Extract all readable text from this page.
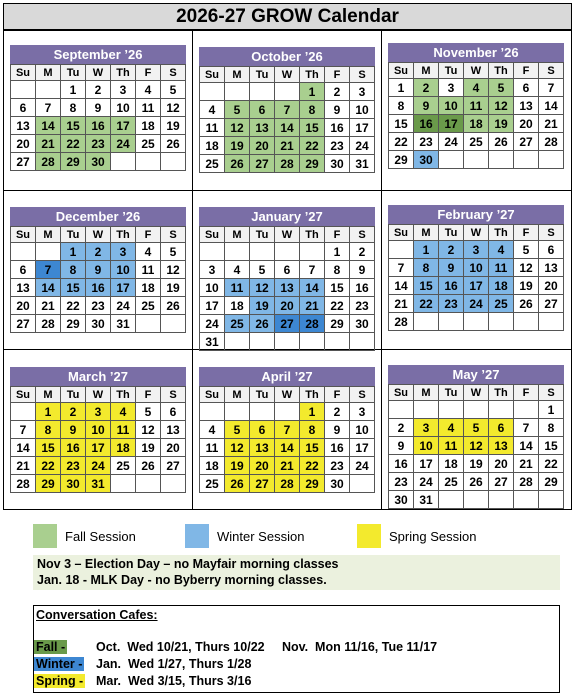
2026-27 GROW Calendar
September ’26
Su	M	Tu	W	Th	F	S
		1	2	3	4	5
6	7	8	9	10	11	12
13	14	15	16	17	18	19
20	21	22	23	24	25	26
27	28	29	30			
October ’26
Su	M	Tu	W	Th	F	S
				1	2	3
4	5	6	7	8	9	10
11	12	13	14	15	16	17
18	19	20	21	22	23	24
25	26	27	28	29	30	31
November ’26
Su	M	Tu	W	Th	F	S
1	2	3	4	5	6	7
8	9	10	11	12	13	14
15	16	17	18	19	20	21
22	23	24	25	26	27	28
29	30					
December ’26
Su	M	Tu	W	Th	F	S
		1	2	3	4	5
6	7	8	9	10	11	12
13	14	15	16	17	18	19
20	21	22	23	24	25	26
27	28	29	30	31		
January ’27
Su	M	Tu	W	Th	F	S
					1	2
3	4	5	6	7	8	9
10	11	12	13	14	15	16
17	18	19	20	21	22	23
24	25	26	27	28	29	30
31						
February ’27
Su	M	Tu	W	Th	F	S
	1	2	3	4	5	6
7	8	9	10	11	12	13
14	15	16	17	18	19	20
21	22	23	24	25	26	27
28						
March ’27
Su	M	Tu	W	Th	F	S
	1	2	3	4	5	6
7	8	9	10	11	12	13
14	15	16	17	18	19	20
21	22	23	24	25	26	27
28	29	30	31			
April ’27
Su	M	Tu	W	Th	F	S
				1	2	3
4	5	6	7	8	9	10
11	12	13	14	15	16	17
18	19	20	21	22	23	24
25	26	27	28	29	30	
May ’27
Su	M	Tu	W	Th	F	S
						1
2	3	4	5	6	7	8
9	10	11	12	13	14	15
16	17	18	19	20	21	22
23	24	25	26	27	28	29
30	31					
Fall Session	Winter Session	Spring Session
Nov 3 – Election Day – no Mayfair morning classes
Jan. 18 - MLK Day - no Byberry morning classes.
Conversation Cafes:
Fall - Oct.  Wed 10/21, Thurs 10/22     Nov.  Mon 11/16, Tue 11/17
Winter - Jan.  Wed 1/27, Thurs 1/28
Spring - Mar.  Wed 3/15, Thurs 3/16
